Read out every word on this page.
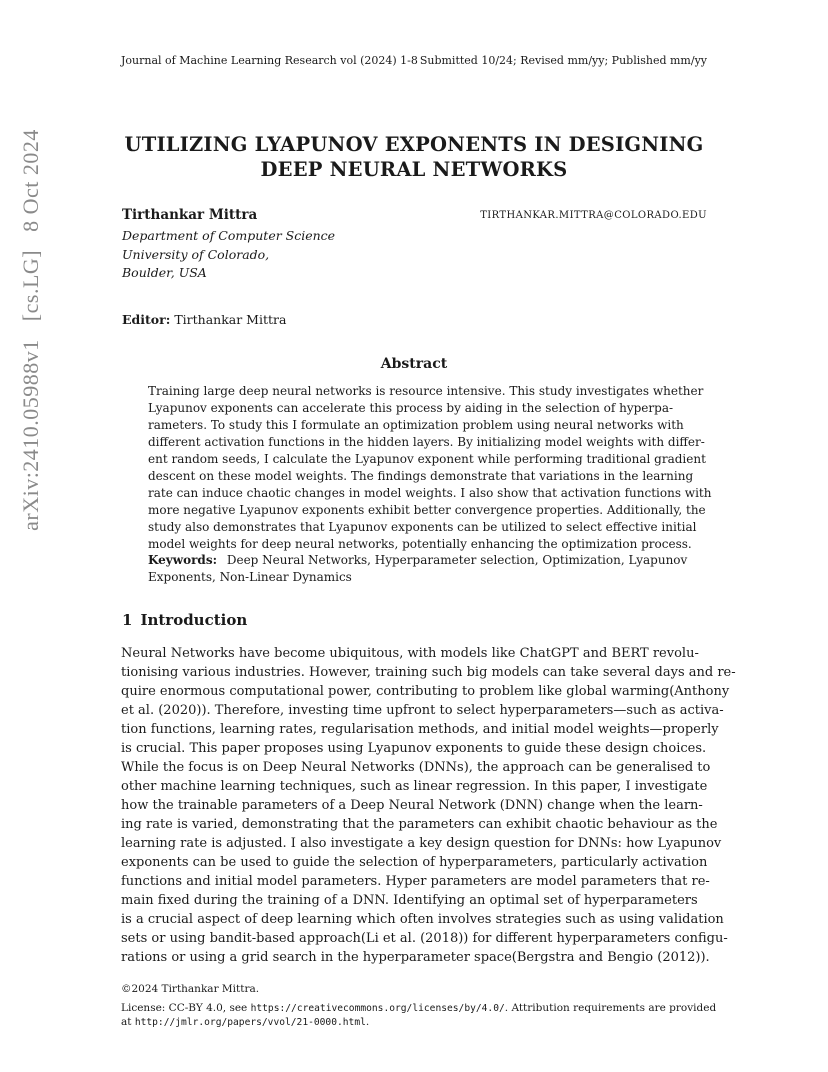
Journal of Machine Learning Research vol (2024) 1-8 Submitted 10/24; Revised mm/yy; Published mm/yy
arXiv:2410.05988v1 [cs.LG] 8 Oct 2024	UTILIZING LYAPUNOV EXPONENTS IN DESIGNING
DEEP NEURAL NETWORKS
Tirthankar Mittra	TIRTHANKAR.MITTRA@COLORADO.EDU
Department of Computer Science
University of Colorado,
Boulder, USA
Editor: Tirthankar Mittra
Abstract
Training large deep neural networks is resource intensive. This study investigates whether
Lyapunov exponents can accelerate this process by aiding in the selection of hyperpa-
rameters. To study this I formulate an optimization problem using neural networks with
different activation functions in the hidden layers. By initializing model weights with differ-
ent random seeds, I calculate the Lyapunov exponent while performing traditional gradient
descent on these model weights. The findings demonstrate that variations in the learning
rate can induce chaotic changes in model weights. I also show that activation functions with
more negative Lyapunov exponents exhibit better convergence properties. Additionally, the
study also demonstrates that Lyapunov exponents can be utilized to select effective initial
model weights for deep neural networks, potentially enhancing the optimization process.
Keywords: Deep Neural Networks, Hyperparameter selection, Optimization, Lyapunov
Exponents, Non-Linear Dynamics
1 Introduction
Neural Networks have become ubiquitous, with models like ChatGPT and BERT revolu-
tionising various industries. However, training such big models can take several days and re-
quire enormous computational power, contributing to problem like global warming(Anthony
et al. (2020)). Therefore, investing time upfront to select hyperparameters—such as activa-
tion functions, learning rates, regularisation methods, and initial model weights—properly
is crucial. This paper proposes using Lyapunov exponents to guide these design choices.
While the focus is on Deep Neural Networks (DNNs), the approach can be generalised to
other machine learning techniques, such as linear regression. In this paper, I investigate
how the trainable parameters of a Deep Neural Network (DNN) change when the learn-
ing rate is varied, demonstrating that the parameters can exhibit chaotic behaviour as the
learning rate is adjusted. I also investigate a key design question for DNNs: how Lyapunov
exponents can be used to guide the selection of hyperparameters, particularly activation
functions and initial model parameters. Hyper parameters are model parameters that re-
main fixed during the training of a DNN. Identifying an optimal set of hyperparameters
is a crucial aspect of deep learning which often involves strategies such as using validation
sets or using bandit-based approach(Li et al. (2018)) for different hyperparameters configu-
rations or using a grid search in the hyperparameter space(Bergstra and Bengio (2012)).
©2024 Tirthankar Mittra.
License: CC-BY 4.0, see https://creativecommons.org/licenses/by/4.0/. Attribution requirements are provided
at http://jmlr.org/papers/vvol/21-0000.html.
